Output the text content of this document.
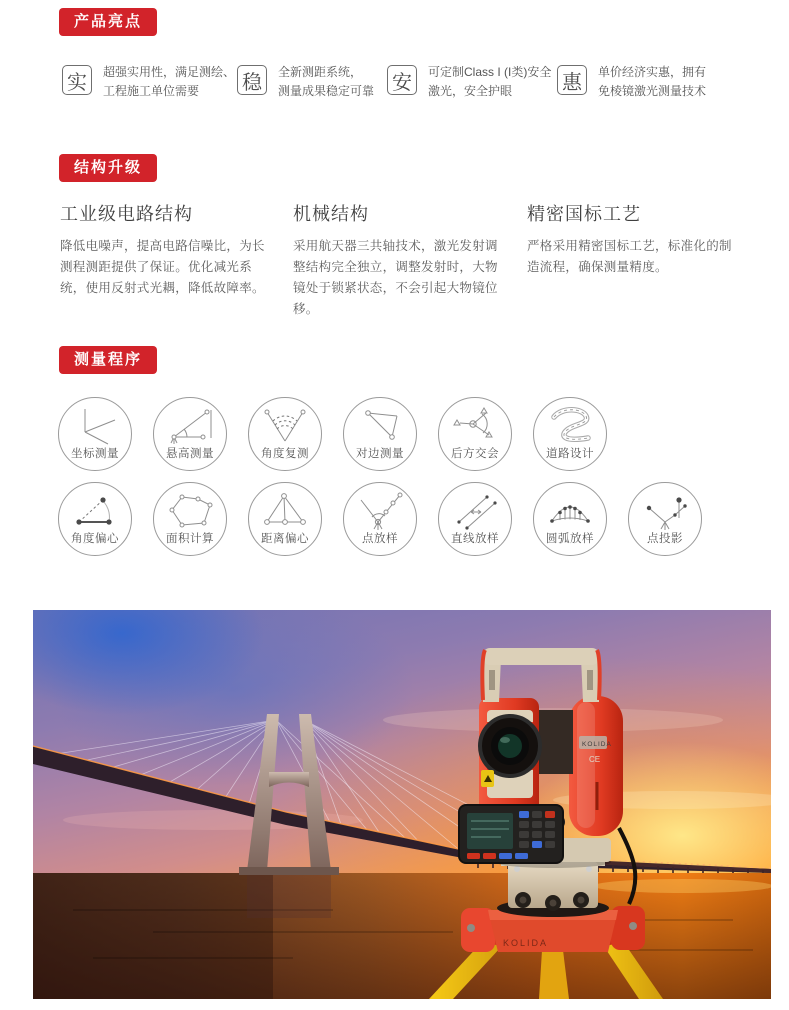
产品亮点
实	超强实用性，满足测绘、
工程施工单位需要	稳	全新测距系统，
测量成果稳定可靠 安	可定制Class I (I类)安全
激光，安全护眼	惠	单价经济实惠，拥有
免棱镜激光测量技术
结构升级
工业级电路结构

降低电噪声，提高电路信噪比，为长测程测距提供了保证。优化减光系统，使用反射式光耦，降低故障率。

机械结构

采用航天器三共轴技术，激光发射调整结构完全独立，调整发射时，大物镜处于锁紧状态，不会引起大物镜位移。

精密国标工艺

严格采用精密国标工艺，标准化的制造流程，确保测量精度。

测量程序
坐标测量	悬高测量	角度复测	对边测量	后方交会	道路设计
角度偏心	面积计算	距离偏心	点放样	直线放样	圆弧放样	点投影
KOLIDA
KOLIDA
CE
